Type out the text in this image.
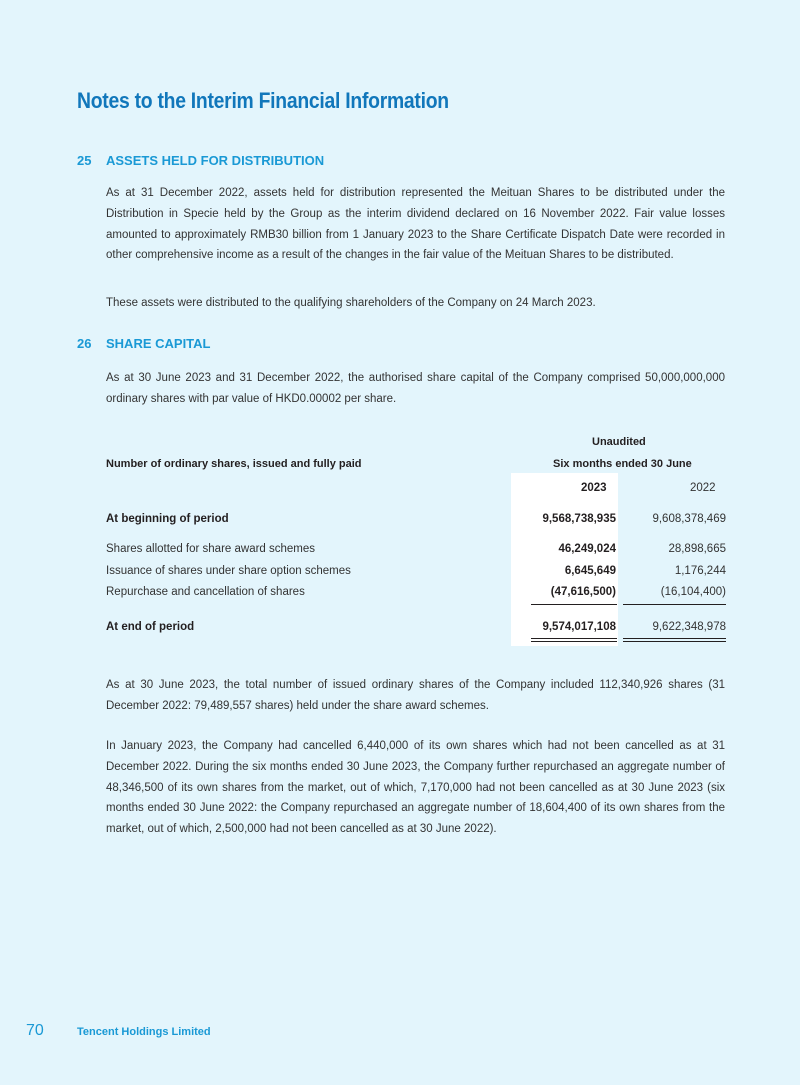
Notes to the Interim Financial Information
25 ASSETS HELD FOR DISTRIBUTION

As at 31 December 2022, assets held for distribution represented the Meituan Shares to be distributed under the Distribution in Specie held by the Group as the interim dividend declared on 16 November 2022. Fair value losses amounted to approximately RMB30 billion from 1 January 2023 to the Share Certificate Dispatch Date were recorded in other comprehensive income as a result of the changes in the fair value of the Meituan Shares to be distributed.

These assets were distributed to the qualifying shareholders of the Company on 24 March 2023.

26 SHARE CAPITAL

As at 30 June 2023 and 31 December 2022, the authorised share capital of the Company comprised 50,000,000,000 ordinary shares with par value of HKD0.00002 per share.

Unaudited
Six months ended 30 June
Number of ordinary shares, issued and fully paid
2023	2022
At beginning of period	9,568,738,935	9,608,378,469
Shares allotted for share award schemes	46,249,024	28,898,665
Issuance of shares under share option schemes	6,645,649	1,176,244
Repurchase and cancellation of shares	(47,616,500)	(16,104,400)
At end of period	9,574,017,108	9,622,348,978

As at 30 June 2023, the total number of issued ordinary shares of the Company included 112,340,926 shares (31 December 2022: 79,489,557 shares) held under the share award schemes.

In January 2023, the Company had cancelled 6,440,000 of its own shares which had not been cancelled as at 31 December 2022. During the six months ended 30 June 2023, the Company further repurchased an aggregate number of 48,346,500 of its own shares from the market, out of which, 7,170,000 had not been cancelled as at 30 June 2023 (six months ended 30 June 2022: the Company repurchased an aggregate number of 18,604,400 of its own shares from the market, out of which, 2,500,000 had not been cancelled as at 30 June 2022).

70	Tencent Holdings Limited
